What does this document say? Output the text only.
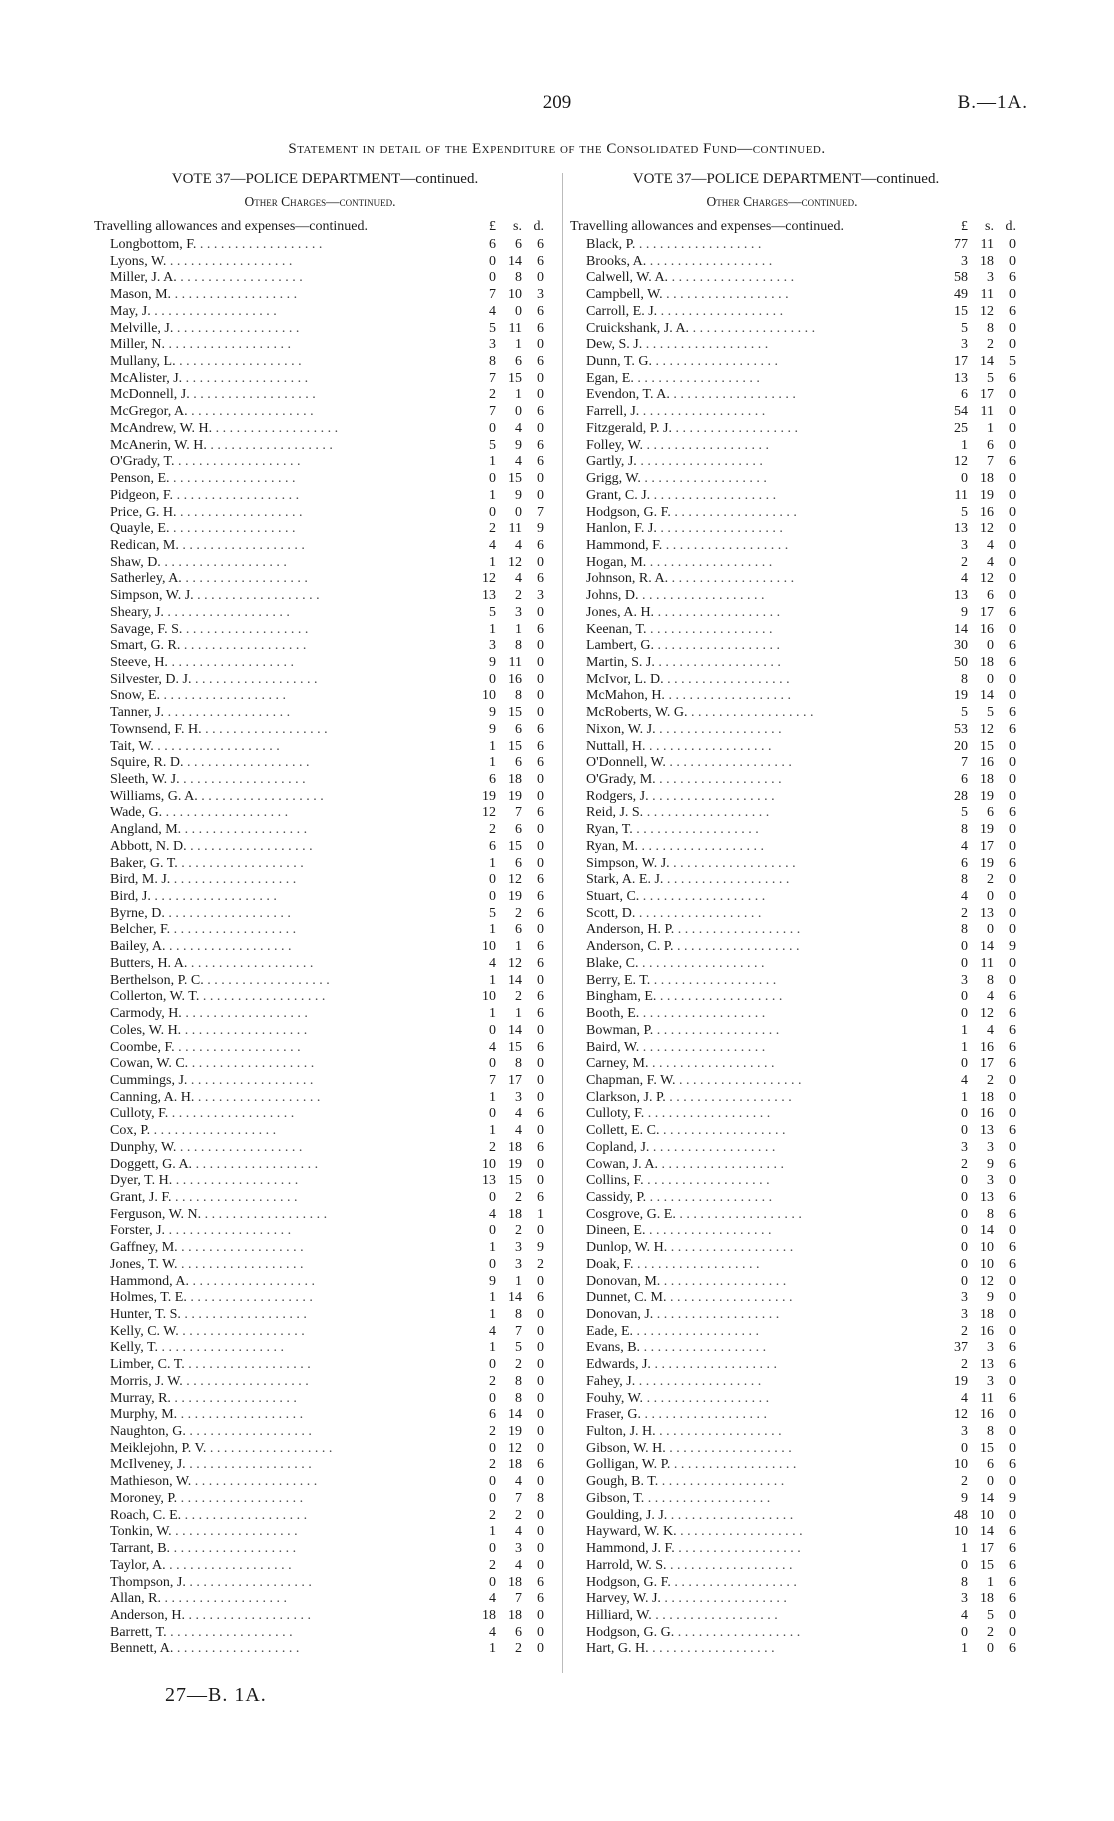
209	B.—1A.
Statement in detail of the Expenditure of the Consolidated Fund—continued.
VOTE 37—POLICE DEPARTMENT—continued.	VOTE 37—POLICE DEPARTMENT—continued.
Other Charges—continued.	Other Charges—continued.
Travelling allowances and expenses—continued.	£	s. d.
Longbottom, F. . . . . . . . . . . . . . . . . . .	6	6	6
Lyons, W. . . . . . . . . . . . . . . . . . .	0 14	6
Miller, J. A. . . . . . . . . . . . . . . . . . .	0	8	0
Mason, M. . . . . . . . . . . . . . . . . . .	7 10	3
May, J. . . . . . . . . . . . . . . . . . .	4	0	6
Melville, J. . . . . . . . . . . . . . . . . . .	5 11	6
Miller, N. . . . . . . . . . . . . . . . . . .	3	1	0
Mullany, L. . . . . . . . . . . . . . . . . . .	8	6	6
McAlister, J. . . . . . . . . . . . . . . . . . .	7 15	0
McDonnell, J. . . . . . . . . . . . . . . . . . .	2	1	0
McGregor, A. . . . . . . . . . . . . . . . . . .	7	0	6
McAndrew, W. H. . . . . . . . . . . . . . . . . . .	0	4	0
McAnerin, W. H. . . . . . . . . . . . . . . . . . .	5	9	6
O'Grady, T. . . . . . . . . . . . . . . . . . .	1	4	6
Penson, E. . . . . . . . . . . . . . . . . . .	0 15	0
Pidgeon, F. . . . . . . . . . . . . . . . . . .	1	9	0
Price, G. H. . . . . . . . . . . . . . . . . . .	0	0	7
Quayle, E. . . . . . . . . . . . . . . . . . .	2 11	9
Redican, M. . . . . . . . . . . . . . . . . . .	4	4	6
Shaw, D. . . . . . . . . . . . . . . . . . .	1 12	0
Satherley, A. . . . . . . . . . . . . . . . . . .	12	4	6
Simpson, W. J. . . . . . . . . . . . . . . . . . .	13	2	3
Sheary, J. . . . . . . . . . . . . . . . . . .	5	3	0
Savage, F. S. . . . . . . . . . . . . . . . . . .	1	1	6
Smart, G. R. . . . . . . . . . . . . . . . . . .	3	8	0
Steeve, H. . . . . . . . . . . . . . . . . . .	9 11	0
Silvester, D. J. . . . . . . . . . . . . . . . . . .	0 16	0
Snow, E. . . . . . . . . . . . . . . . . . .	10	8	0
Tanner, J. . . . . . . . . . . . . . . . . . .	9 15	0
Townsend, F. H. . . . . . . . . . . . . . . . . . .	9	6	6
Tait, W. . . . . . . . . . . . . . . . . . .	1 15	6
Squire, R. D. . . . . . . . . . . . . . . . . . .	1	6	6
Sleeth, W. J. . . . . . . . . . . . . . . . . . .	6 18	0
Williams, G. A. . . . . . . . . . . . . . . . . . .	19 19	0
Wade, G. . . . . . . . . . . . . . . . . . .	12	7	6
Angland, M. . . . . . . . . . . . . . . . . . .	2	6	0
Abbott, N. D. . . . . . . . . . . . . . . . . . .	6 15	0
Baker, G. T. . . . . . . . . . . . . . . . . . .	1	6	0
Bird, M. J. . . . . . . . . . . . . . . . . . .	0 12	6
Bird, J. . . . . . . . . . . . . . . . . . .	0 19	6
Byrne, D. . . . . . . . . . . . . . . . . . .	5	2	6
Belcher, F. . . . . . . . . . . . . . . . . . .	1	6	0
Bailey, A. . . . . . . . . . . . . . . . . . .	10	1	6
Butters, H. A. . . . . . . . . . . . . . . . . . .	4 12	6
Berthelson, P. C. . . . . . . . . . . . . . . . . . .	1 14	0
Collerton, W. T. . . . . . . . . . . . . . . . . . .	10	2	6
Carmody, H. . . . . . . . . . . . . . . . . . .	1	1	6
Coles, W. H. . . . . . . . . . . . . . . . . . .	0 14	0
Coombe, F. . . . . . . . . . . . . . . . . . .	4 15	6
Cowan, W. C. . . . . . . . . . . . . . . . . . .	0	8	0
Cummings, J. . . . . . . . . . . . . . . . . . .	7 17	0
Canning, A. H. . . . . . . . . . . . . . . . . . .	1	3	0
Culloty, F. . . . . . . . . . . . . . . . . . .	0	4	6
Cox, P. . . . . . . . . . . . . . . . . . .	1	4	0
Dunphy, W. . . . . . . . . . . . . . . . . . .	2 18	6
Doggett, G. A. . . . . . . . . . . . . . . . . . .	10 19	0
Dyer, T. H. . . . . . . . . . . . . . . . . . .	13 15	0
Grant, J. F. . . . . . . . . . . . . . . . . . .	0	2	6
Ferguson, W. N. . . . . . . . . . . . . . . . . . .	4 18	1
Forster, J. . . . . . . . . . . . . . . . . . .	0	2	0
Gaffney, M. . . . . . . . . . . . . . . . . . .	1	3	9
Jones, T. W. . . . . . . . . . . . . . . . . . .	0	3	2
Hammond, A. . . . . . . . . . . . . . . . . . .	9	1	0
Holmes, T. E. . . . . . . . . . . . . . . . . . .	1 14	6
Hunter, T. S. . . . . . . . . . . . . . . . . . .	1	8	0
Kelly, C. W. . . . . . . . . . . . . . . . . . .	4	7	0
Kelly, T. . . . . . . . . . . . . . . . . . .	1	5	0
Limber, C. T. . . . . . . . . . . . . . . . . . .	0	2	0
Morris, J. W. . . . . . . . . . . . . . . . . . .	2	8	0
Murray, R. . . . . . . . . . . . . . . . . . .	0	8	0
Murphy, M. . . . . . . . . . . . . . . . . . .	6 14	0
Naughton, G. . . . . . . . . . . . . . . . . . .	2 19	0
Meiklejohn, P. V. . . . . . . . . . . . . . . . . . .	0 12	0
McIlveney, J. . . . . . . . . . . . . . . . . . .	2 18	6
Mathieson, W. . . . . . . . . . . . . . . . . . .	0	4	0
Moroney, P. . . . . . . . . . . . . . . . . . .	0	7	8
Roach, C. E. . . . . . . . . . . . . . . . . . .	2	2	0
Tonkin, W. . . . . . . . . . . . . . . . . . .	1	4	0
Tarrant, B. . . . . . . . . . . . . . . . . . .	0	3	0
Taylor, A. . . . . . . . . . . . . . . . . . .	2	4	0
Thompson, J. . . . . . . . . . . . . . . . . . .	0 18	6
Allan, R. . . . . . . . . . . . . . . . . . .	4	7	6
Anderson, H. . . . . . . . . . . . . . . . . . .	18 18	0
Barrett, T. . . . . . . . . . . . . . . . . . .	4	6	0
Bennett, A. . . . . . . . . . . . . . . . . . .	1	2	0
Travelling allowances and expenses—continued.	£	s. d.
Black, P. . . . . . . . . . . . . . . . . . .	77 11	0
Brooks, A. . . . . . . . . . . . . . . . . . .	3 18	0
Calwell, W. A. . . . . . . . . . . . . . . . . . .	58	3	6
Campbell, W. . . . . . . . . . . . . . . . . . .	49 11	0
Carroll, E. J. . . . . . . . . . . . . . . . . . .	15 12	6
Cruickshank, J. A. . . . . . . . . . . . . . . . . . .	5	8	0
Dew, S. J. . . . . . . . . . . . . . . . . . .	3	2	0
Dunn, T. G. . . . . . . . . . . . . . . . . . .	17 14	5
Egan, E. . . . . . . . . . . . . . . . . . .	13	5	6
Evendon, T. A. . . . . . . . . . . . . . . . . . .	6 17	0
Farrell, J. . . . . . . . . . . . . . . . . . .	54 11	0
Fitzgerald, P. J. . . . . . . . . . . . . . . . . . .	25	1	0
Folley, W. . . . . . . . . . . . . . . . . . .	1	6	0
Gartly, J. . . . . . . . . . . . . . . . . . .	12	7	6
Grigg, W. . . . . . . . . . . . . . . . . . .	0 18	0
Grant, C. J. . . . . . . . . . . . . . . . . . .	11 19	0
Hodgson, G. F. . . . . . . . . . . . . . . . . . .	5 16	0
Hanlon, F. J. . . . . . . . . . . . . . . . . . .	13 12	0
Hammond, F. . . . . . . . . . . . . . . . . . .	3	4	0
Hogan, M. . . . . . . . . . . . . . . . . . .	2	4	0
Johnson, R. A. . . . . . . . . . . . . . . . . . .	4 12	0
Johns, D. . . . . . . . . . . . . . . . . . .	13	6	0
Jones, A. H. . . . . . . . . . . . . . . . . . .	9 17	6
Keenan, T. . . . . . . . . . . . . . . . . . .	14 16	0
Lambert, G. . . . . . . . . . . . . . . . . . .	30	0	6
Martin, S. J. . . . . . . . . . . . . . . . . . .	50 18	6
McIvor, L. D. . . . . . . . . . . . . . . . . . .	8	0	0
McMahon, H. . . . . . . . . . . . . . . . . . .	19 14	0
McRoberts, W. G. . . . . . . . . . . . . . . . . . .	5	5	6
Nixon, W. J. . . . . . . . . . . . . . . . . . .	53 12	6
Nuttall, H. . . . . . . . . . . . . . . . . . .	20 15	0
O'Donnell, W. . . . . . . . . . . . . . . . . . .	7 16	0
O'Grady, M. . . . . . . . . . . . . . . . . . .	6 18	0
Rodgers, J. . . . . . . . . . . . . . . . . . .	28 19	0
Reid, J. S. . . . . . . . . . . . . . . . . . .	5	6	6
Ryan, T. . . . . . . . . . . . . . . . . . .	8 19	0
Ryan, M. . . . . . . . . . . . . . . . . . .	4 17	0
Simpson, W. J. . . . . . . . . . . . . . . . . . .	6 19	6
Stark, A. E. J. . . . . . . . . . . . . . . . . . .	8	2	0
Stuart, C. . . . . . . . . . . . . . . . . . .	4	0	0
Scott, D. . . . . . . . . . . . . . . . . . .	2 13	0
Anderson, H. P. . . . . . . . . . . . . . . . . . .	8	0	0
Anderson, C. P. . . . . . . . . . . . . . . . . . .	0 14	9
Blake, C. . . . . . . . . . . . . . . . . . .	0 11	0
Berry, E. T. . . . . . . . . . . . . . . . . . .	3	8	0
Bingham, E. . . . . . . . . . . . . . . . . . .	0	4	6
Booth, E. . . . . . . . . . . . . . . . . . .	0 12	6
Bowman, P. . . . . . . . . . . . . . . . . . .	1	4	6
Baird, W. . . . . . . . . . . . . . . . . . .	1 16	6
Carney, M. . . . . . . . . . . . . . . . . . .	0 17	6
Chapman, F. W. . . . . . . . . . . . . . . . . . .	4	2	0
Clarkson, J. P. . . . . . . . . . . . . . . . . . .	1 18	0
Culloty, F. . . . . . . . . . . . . . . . . . .	0 16	0
Collett, E. C. . . . . . . . . . . . . . . . . . .	0 13	6
Copland, J. . . . . . . . . . . . . . . . . . .	3	3	0
Cowan, J. A. . . . . . . . . . . . . . . . . . .	2	9	6
Collins, F. . . . . . . . . . . . . . . . . . .	0	3	0
Cassidy, P. . . . . . . . . . . . . . . . . . .	0 13	6
Cosgrove, G. E. . . . . . . . . . . . . . . . . . .	0	8	6
Dineen, E. . . . . . . . . . . . . . . . . . .	0 14	0
Dunlop, W. H. . . . . . . . . . . . . . . . . . .	0 10	6
Doak, F. . . . . . . . . . . . . . . . . . .	0 10	6
Donovan, M. . . . . . . . . . . . . . . . . . .	0 12	0
Dunnet, C. M. . . . . . . . . . . . . . . . . . .	3	9	0
Donovan, J. . . . . . . . . . . . . . . . . . .	3 18	0
Eade, E. . . . . . . . . . . . . . . . . . .	2 16	0
Evans, B. . . . . . . . . . . . . . . . . . .	37	3	6
Edwards, J. . . . . . . . . . . . . . . . . . .	2 13	6
Fahey, J. . . . . . . . . . . . . . . . . . .	19	3	0
Fouhy, W. . . . . . . . . . . . . . . . . . .	4 11	6
Fraser, G. . . . . . . . . . . . . . . . . . .	12 16	0
Fulton, J. H. . . . . . . . . . . . . . . . . . .	3	8	0
Gibson, W. H. . . . . . . . . . . . . . . . . . .	0 15	0
Golligan, W. P. . . . . . . . . . . . . . . . . . .	10	6	6
Gough, B. T. . . . . . . . . . . . . . . . . . .	2	0	0
Gibson, T. . . . . . . . . . . . . . . . . . .	9 14	9
Goulding, J. J. . . . . . . . . . . . . . . . . . .	48 10	0
Hayward, W. K. . . . . . . . . . . . . . . . . . .	10 14	6
Hammond, J. F. . . . . . . . . . . . . . . . . . .	1 17	6
Harrold, W. S. . . . . . . . . . . . . . . . . . .	0 15	6
Hodgson, G. F. . . . . . . . . . . . . . . . . . .	8	1	6
Harvey, W. J. . . . . . . . . . . . . . . . . . .	3 18	6
Hilliard, W. . . . . . . . . . . . . . . . . . .	4	5	0
Hodgson, G. G. . . . . . . . . . . . . . . . . . .	0	2	0
Hart, G. H. . . . . . . . . . . . . . . . . . .	1	0	6
27—B. 1A.
